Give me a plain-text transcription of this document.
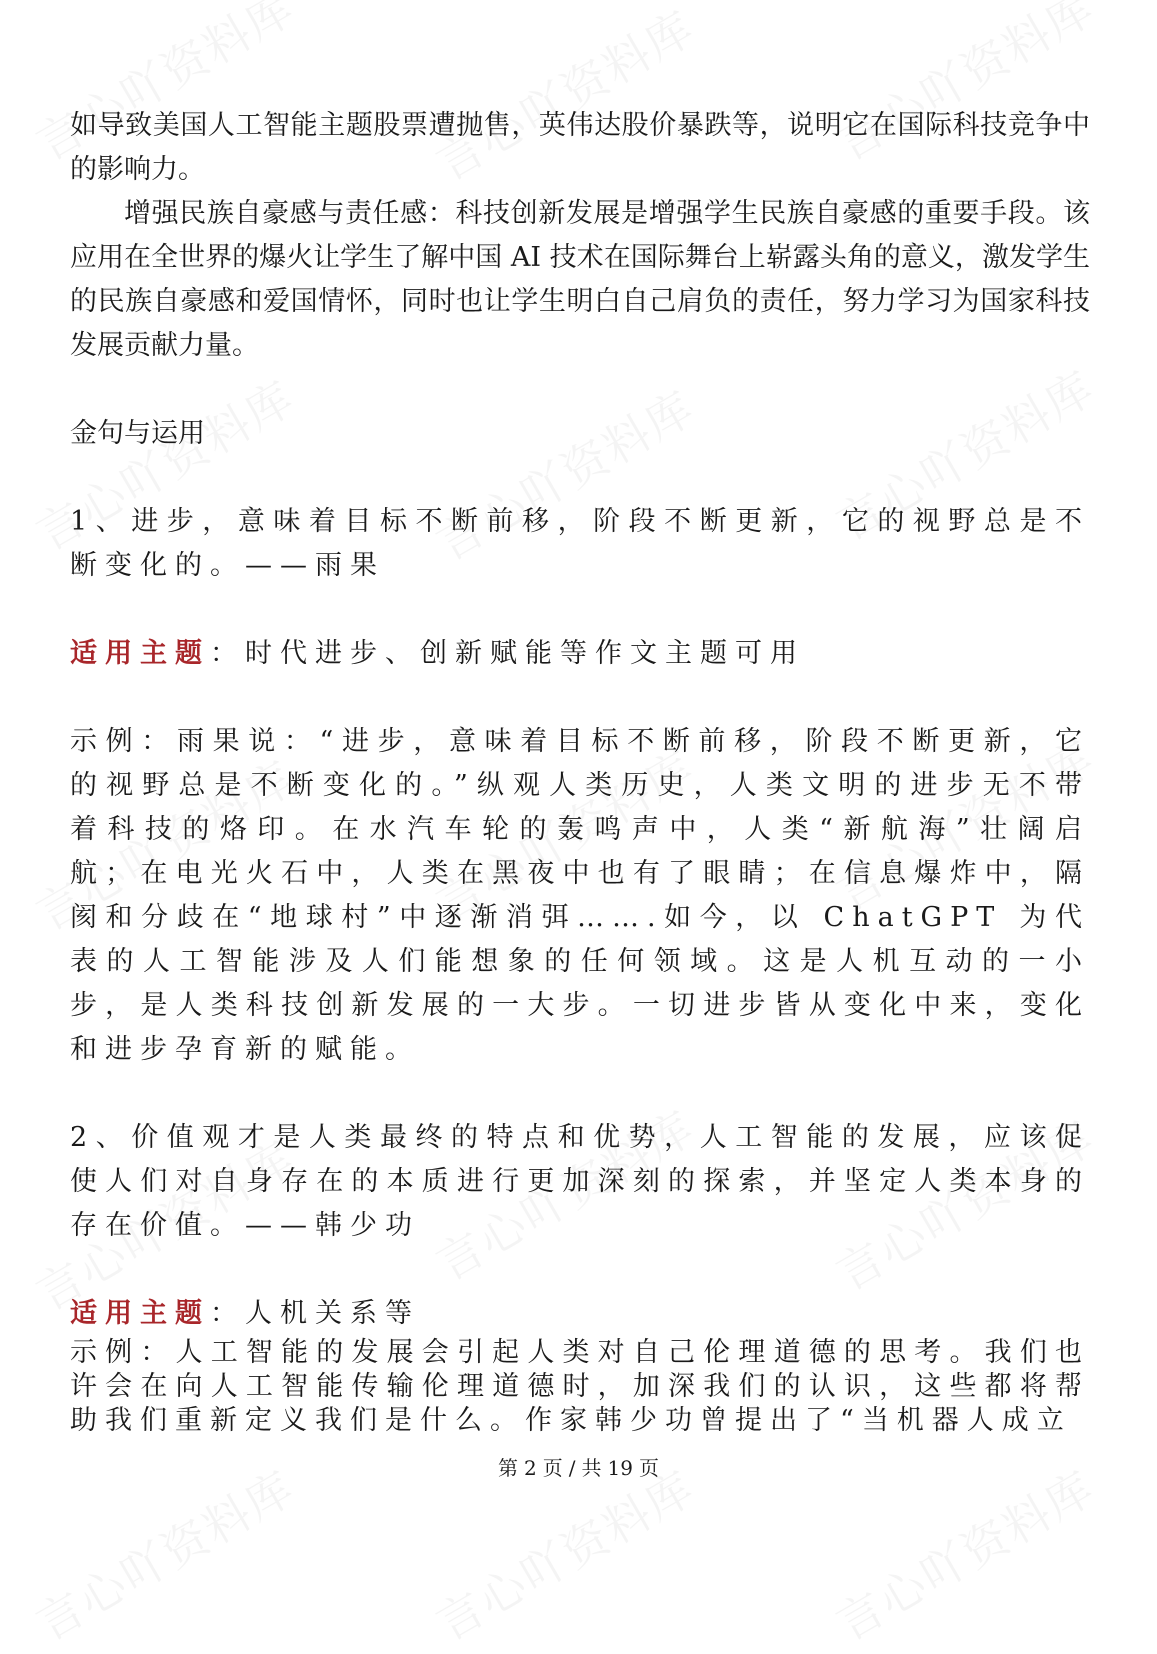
如导致美国人工智能主题股票遭抛售，英伟达股价暴跌等，说明它在国际科技竞争中的影响力。

增强民族自豪感与责任感：科技创新发展是增强学生民族自豪感的重要手段。该应用在全世界的爆火让学生了解中国 AI 技术在国际舞台上崭露头角的意义，激发学生的民族自豪感和爱国情怀，同时也让学生明白自己肩负的责任，努力学习为国家科技发展贡献力量。

金句与运用

1、进步，意味着目标不断前移，阶段不断更新，它的视野总是不断变化的。——雨果

适用主题：时代进步、创新赋能等作文主题可用

示例：雨果说：“进步，意味着目标不断前移，阶段不断更新，它的视野总是不断变化的。”纵观人类历史，人类文明的进步无不带着科技的烙印。在水汽车轮的轰鸣声中，人类“新航海”壮阔启航；在电光火石中，人类在黑夜中也有了眼睛；在信息爆炸中，隔阂和分歧在“地球村”中逐渐消弭…….如今，以 ChatGPT 为代表的人工智能涉及人们能想象的任何领域。这是人机互动的一小步，是人类科技创新发展的一大步。一切进步皆从变化中来，变化和进步孕育新的赋能。

2、价值观才是人类最终的特点和优势，人工智能的发展，应该促使人们对自身存在的本质进行更加深刻的探索，并坚定人类本身的存在价值。——韩少功

适用主题：人机关系等

示例：人工智能的发展会引起人类对自己伦理道德的思考。我们也许会在向人工智能传输伦理道德时，加深我们的认识，这些都将帮助我们重新定义我们是什么。作家韩少功曾提出了“当机器人成立

第 2 页 / 共 19 页
